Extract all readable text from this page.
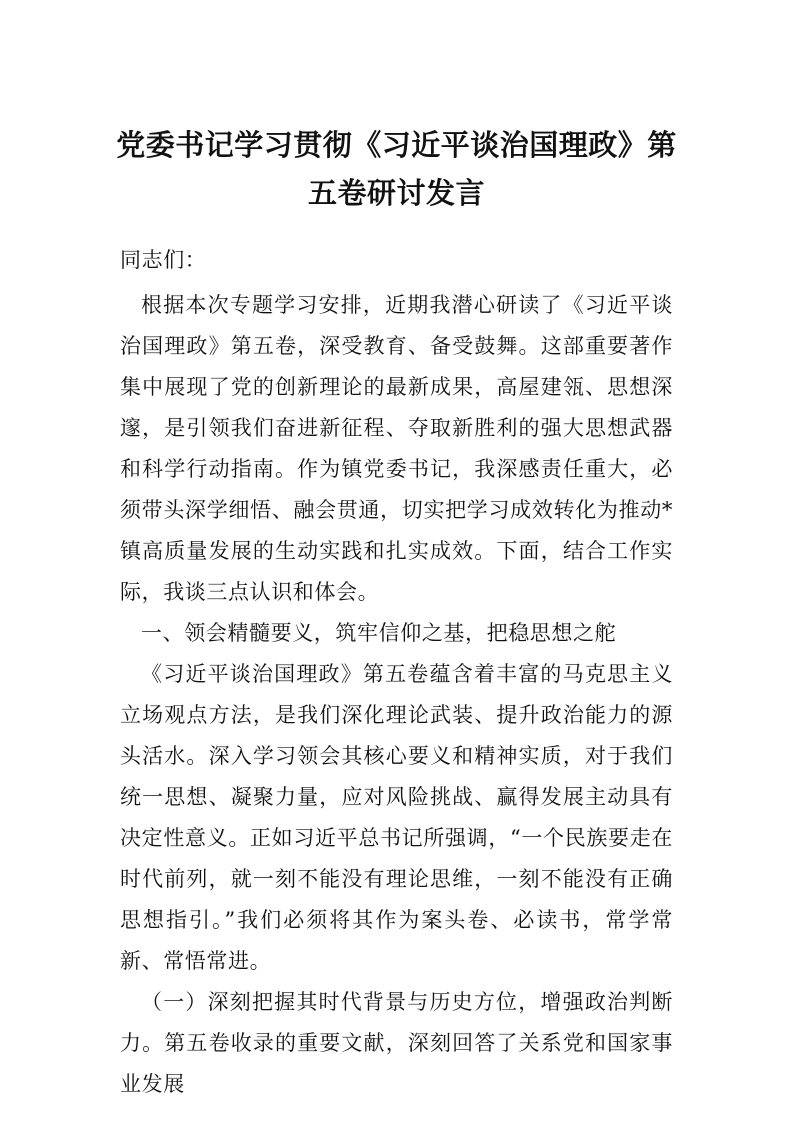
党委书记学习贯彻《习近平谈治国理政》第
五卷研讨发言

同志们：

根据本次专题学习安排，近期我潜心研读了《习近平谈治国理政》第五卷，深受教育、备受鼓舞。这部重要著作集中展现了党的创新理论的最新成果，高屋建瓴、思想深邃，是引领我们奋进新征程、夺取新胜利的强大思想武器和科学行动指南。作为镇党委书记，我深感责任重大，必须带头深学细悟、融会贯通，切实把学习成效转化为推动*镇高质量发展的生动实践和扎实成效。下面，结合工作实际，我谈三点认识和体会。

一、领会精髓要义，筑牢信仰之基，把稳思想之舵

《习近平谈治国理政》第五卷蕴含着丰富的马克思主义立场观点方法，是我们深化理论武装、提升政治能力的源头活水。深入学习领会其核心要义和精神实质，对于我们统一思想、凝聚力量，应对风险挑战、赢得发展主动具有决定性意义。正如习近平总书记所强调，“一个民族要走在时代前列，就一刻不能没有理论思维，一刻不能没有正确思想指引。”我们必须将其作为案头卷、必读书，常学常新、常悟常进。

（一）深刻把握其时代背景与历史方位，增强政治判断力。第五卷收录的重要文献，深刻回答了关系党和国家事业发展
